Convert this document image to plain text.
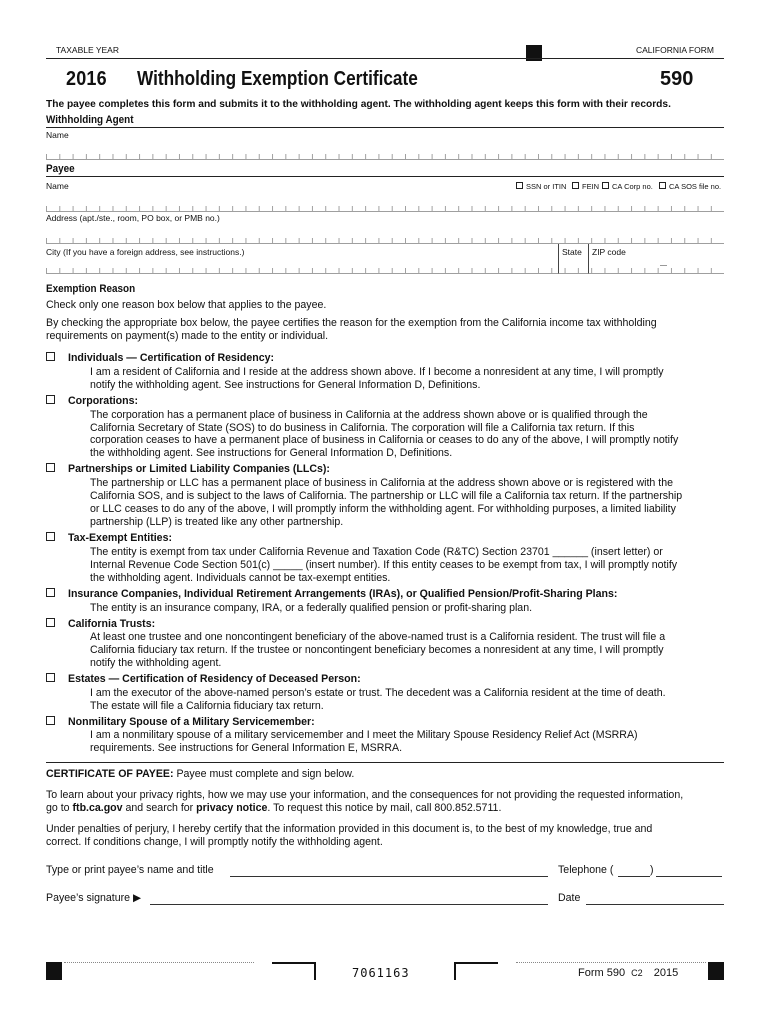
TAXABLE YEAR	CALIFORNIA FORM
2016 Withholding Exemption Certificate	590
The payee completes this form and submits it to the withholding agent. The withholding agent keeps this form with their records.
Withholding Agent
Name
Payee
Name	SSN or ITIN FEIN CA Corp no. CA SOS file no.
Address (apt./ste., room, PO box, or PMB no.)
City (If you have a foreign address, see instructions.)	State ZIP code
Exemption Reason
Check only one reason box below that applies to the payee.
By checking the appropriate box below, the payee certifies the reason for the exemption from the California income tax withholding
requirements on payment(s) made to the entity or individual.
Individuals — Certification of Residency:
I am a resident of California and I reside at the address shown above. If I become a nonresident at any time, I will promptly
notify the withholding agent. See instructions for General Information D, Definitions.
Corporations:
The corporation has a permanent place of business in California at the address shown above or is qualified through the
California Secretary of State (SOS) to do business in California. The corporation will file a California tax return. If this
corporation ceases to have a permanent place of business in California or ceases to do any of the above, I will promptly notify
the withholding agent. See instructions for General Information D, Definitions.
Partnerships or Limited Liability Companies (LLCs):
The partnership or LLC has a permanent place of business in California at the address shown above or is registered with the
California SOS, and is subject to the laws of California. The partnership or LLC will file a California tax return. If the partnership
or LLC ceases to do any of the above, I will promptly inform the withholding agent. For withholding purposes, a limited liability
partnership (LLP) is treated like any other partnership.
Tax-Exempt Entities:
The entity is exempt from tax under California Revenue and Taxation Code (R&TC) Section 23701 ______ (insert letter) or
Internal Revenue Code Section 501(c) _____ (insert number). If this entity ceases to be exempt from tax, I will promptly notify
the withholding agent. Individuals cannot be tax-exempt entities.
Insurance Companies, Individual Retirement Arrangements (IRAs), or Qualified Pension/Profit-Sharing Plans:
The entity is an insurance company, IRA, or a federally qualified pension or profit-sharing plan.
California Trusts:
At least one trustee and one noncontingent beneficiary of the above-named trust is a California resident. The trust will file a
California fiduciary tax return. If the trustee or noncontingent beneficiary becomes a nonresident at any time, I will promptly
notify the withholding agent.
Estates — Certification of Residency of Deceased Person:
I am the executor of the above-named person’s estate or trust. The decedent was a California resident at the time of death.
The estate will file a California fiduciary tax return.
Nonmilitary Spouse of a Military Servicemember:
I am a nonmilitary spouse of a military servicemember and I meet the Military Spouse Residency Relief Act (MSRRA)
requirements. See instructions for General Information E, MSRRA.
CERTIFICATE OF PAYEE: Payee must complete and sign below.
To learn about your privacy rights, how we may use your information, and the consequences for not providing the requested information,
go to ftb.ca.gov and search for privacy notice. To request this notice by mail, call 800.852.5711.
Under penalties of perjury, I hereby certify that the information provided in this document is, to the best of my knowledge, true and
correct. If conditions change, I will promptly notify the withholding agent.
Type or print payee’s name and title	Telephone (	)
Payee’s signature ▶	Date
7061163	Form 590 C2 2015
